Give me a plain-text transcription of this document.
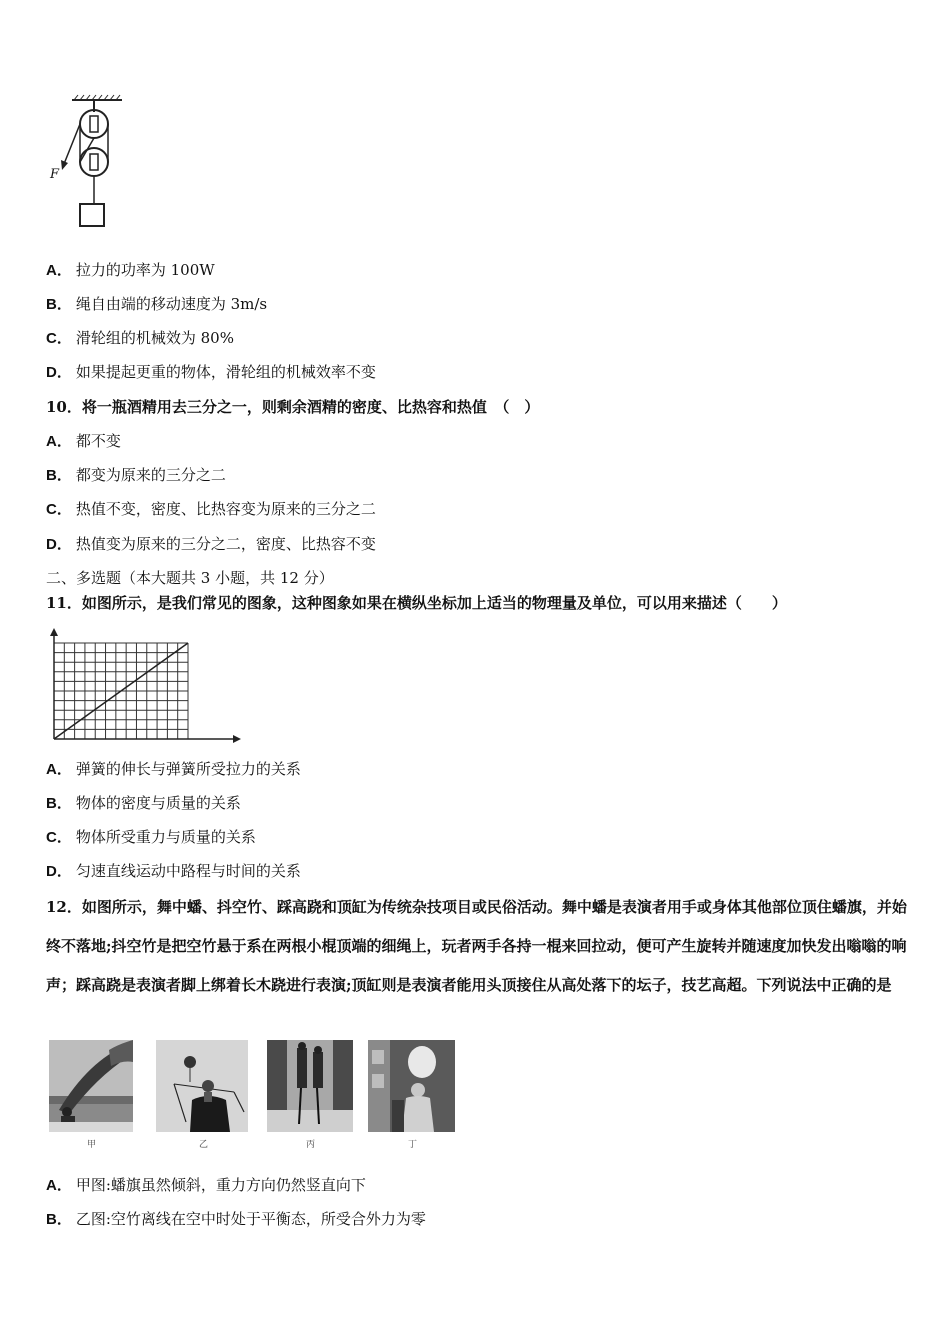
F
A． 拉力的功率为 100W
B． 绳自由端的移动速度为 3m/s
C． 滑轮组的机械效为 80%
D． 如果提起更重的物体，滑轮组的机械效率不变
10．将一瓶酒精用去三分之一，则剩余酒精的密度、比热容和热值　（　）
A． 都不变
B． 都变为原来的三分之二
C． 热值不变，密度、比热容变为原来的三分之二
D． 热值变为原来的三分之二，密度、比热容不变
二、多选题（本大题共 3 小题，共 12 分）
11．如图所示，是我们常见的图象，这种图象如果在横纵坐标加上适当的物理量及单位，可以用来描述（　　）
A． 弹簧的伸长与弹簧所受拉力的关系
B． 物体的密度与质量的关系
C． 物体所受重力与质量的关系
D． 匀速直线运动中路程与时间的关系
12．如图所示，舞中蟠、抖空竹、踩高跷和顶缸为传统杂技项目或民俗活动。舞中蟠是表演者用手或身体其他部位顶住蟠旗，并始终不落地;抖空竹是把空竹悬于系在两根小棍顶端的细绳上，玩者两手各持一棍来回拉动，便可产生旋转并随速度加快发出嗡嗡的响声；踩高跷是表演者脚上绑着长木跷进行表演;顶缸则是表演者能用头顶接住从高处落下的坛子，技艺高超。下列说法中正确的是
甲	乙	丙	丁
A． 甲图:蟠旗虽然倾斜，重力方向仍然竖直向下
B． 乙图:空竹离线在空中时处于平衡态，所受合外力为零
